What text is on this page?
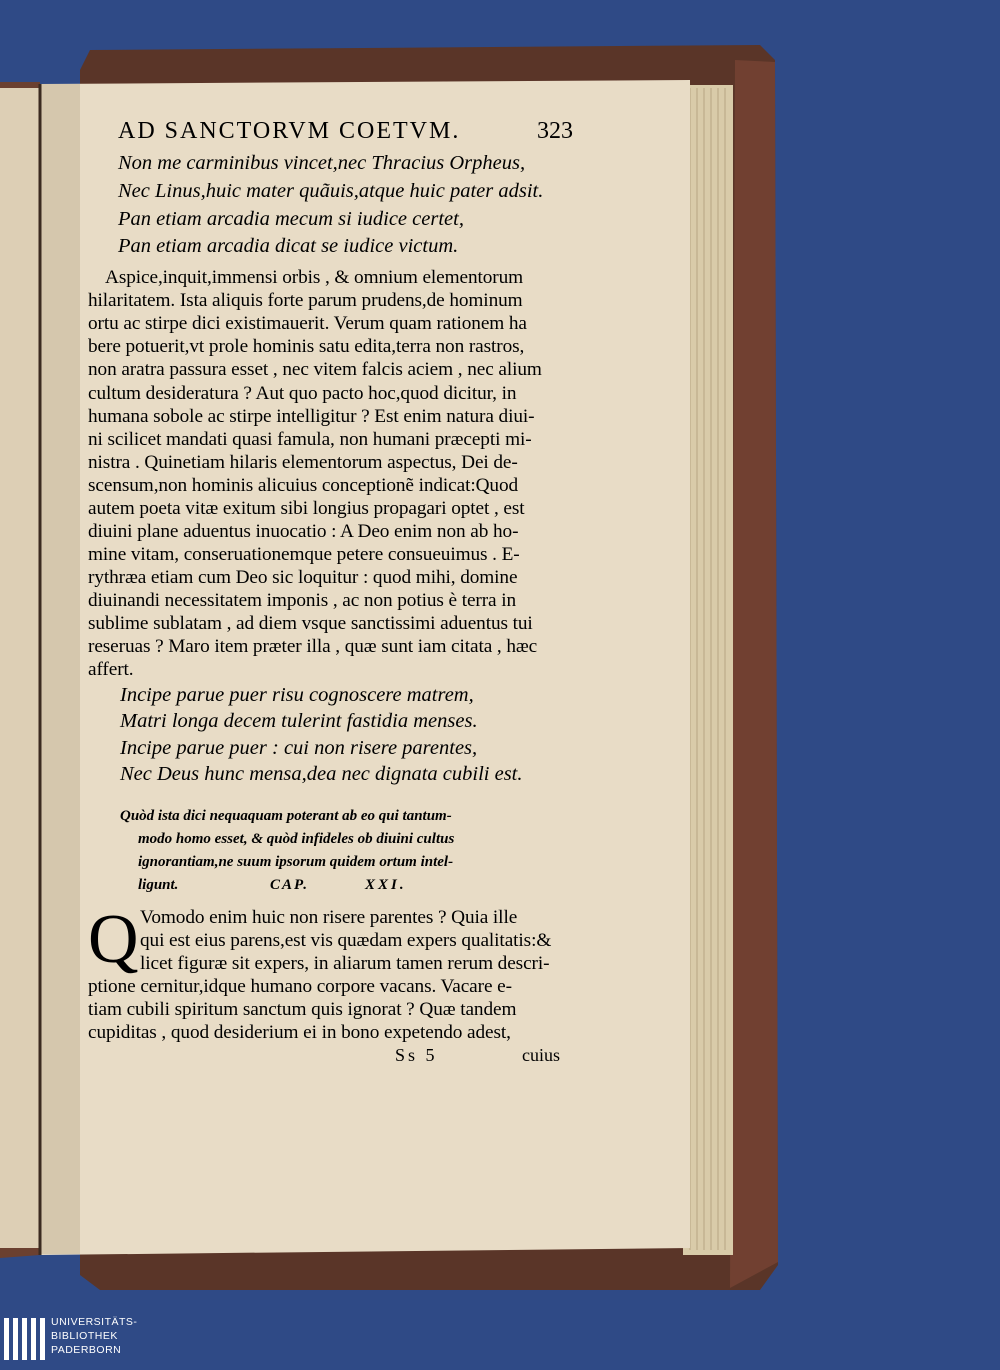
AD SANCTORVM COETVM.	323
Non me carminibus vincet,nec Thracius Orpheus,
Nec Linus,huic mater quãuis,atque huic pater adsit.
Pan etiam arcadia mecum si iudice certet,
Pan etiam arcadia dicat se iudice victum.
Aspice,inquit,immensi orbis , & omnium elementorum
hilaritatem. Ista aliquis forte parum prudens,de hominum
ortu ac stirpe dici existimauerit. Verum quam rationem ha
bere potuerit,vt prole hominis satu edita,terra non rastros,
non aratra passura esset , nec vitem falcis aciem , nec alium
cultum desideratura ? Aut quo pacto hoc,quod dicitur, in
humana sobole ac stirpe intelligitur ? Est enim natura diui-
ni scilicet mandati quasi famula, non humani præcepti mi-
nistra . Quinetiam hilaris elementorum aspectus, Dei de-
scensum,non hominis alicuius conceptionẽ indicat:Quod
autem poeta vitæ exitum sibi longius propagari optet , est
diuini plane aduentus inuocatio : A Deo enim non ab ho-
mine vitam, conseruationemque petere consueuimus . E-
rythræa etiam cum Deo sic loquitur : quod mihi, domine
diuinandi necessitatem imponis , ac non potius è terra in
sublime sublatam , ad diem vsque sanctissimi aduentus tui
reseruas ? Maro item præter illa , quæ sunt iam citata , hæc
affert.
Incipe parue puer risu cognoscere matrem,
Matri longa decem tulerint fastidia menses.
Incipe parue puer : cui non risere parentes,
Nec Deus hunc mensa,dea nec dignata cubili est.
Quòd ista dici nequaquam poterant ab eo qui tantum-
modo homo esset, & quòd infideles ob diuini cultus
ignorantiam,ne suum ipsorum quidem ortum intel-
ligunt.	CAP.	XXI.
Q Vomodo enim huic non risere parentes ? Quia ille
qui est eius parens,est vis quædam expers qualitatis:&
licet figuræ sit expers, in aliarum tamen rerum descri-
ptione cernitur,idque humano corpore vacans. Vacare e-
tiam cubili spiritum sanctum quis ignorat ? Quæ tandem
cupiditas , quod desiderium ei in bono expetendo adest,
Ss 5	cuius
UNIVERSITÄTS-
BIBLIOTHEK
PADERBORN
